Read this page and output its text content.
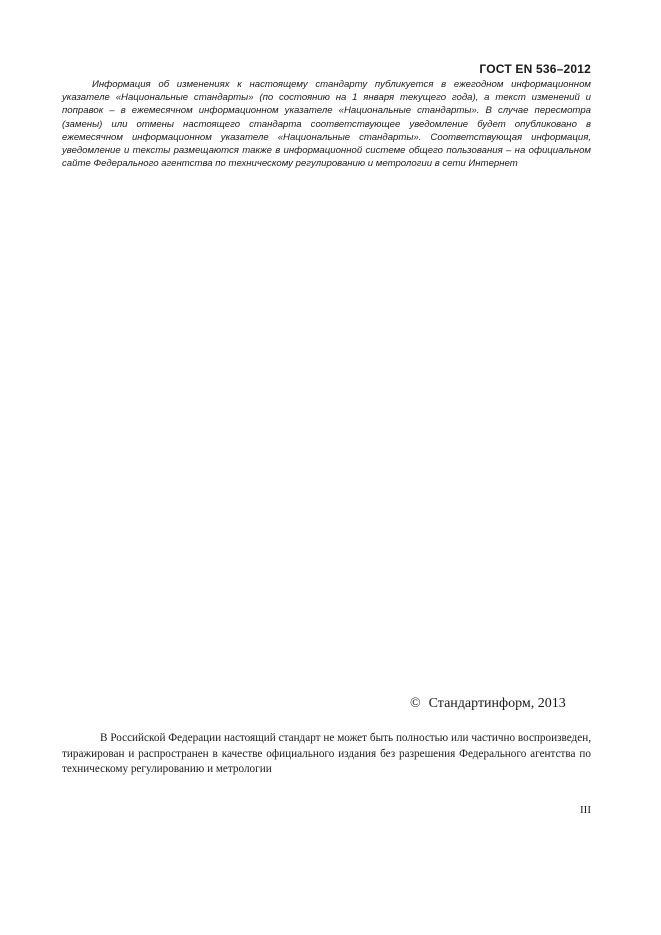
ГОСТ EN 536–2012

Информация об изменениях к настоящему стандарту публикуется в ежегодном информационном указателе «Национальные стандарты» (по состоянию на 1 января текущего года), а текст изменений и поправок – в ежемесячном информационном указателе «Национальные стандарты». В случае пересмотра (замены) или отмены настоящего стандарта соответствующее уведомление будет опубликовано в ежемесячном информационном указателе «Национальные стандарты». Соответствующая информация, уведомление и тексты размещаются также в информационной системе общего пользования – на официальном сайте Федерального агентства по техническому регулированию и метрологии в сети Интернет

© Стандартинформ, 2013

В Российской Федерации настоящий стандарт не может быть полностью или частично воспроизведен, тиражирован и распространен в качестве официального издания без разрешения Федерального агентства по техническому регулированию и метрологии

III
